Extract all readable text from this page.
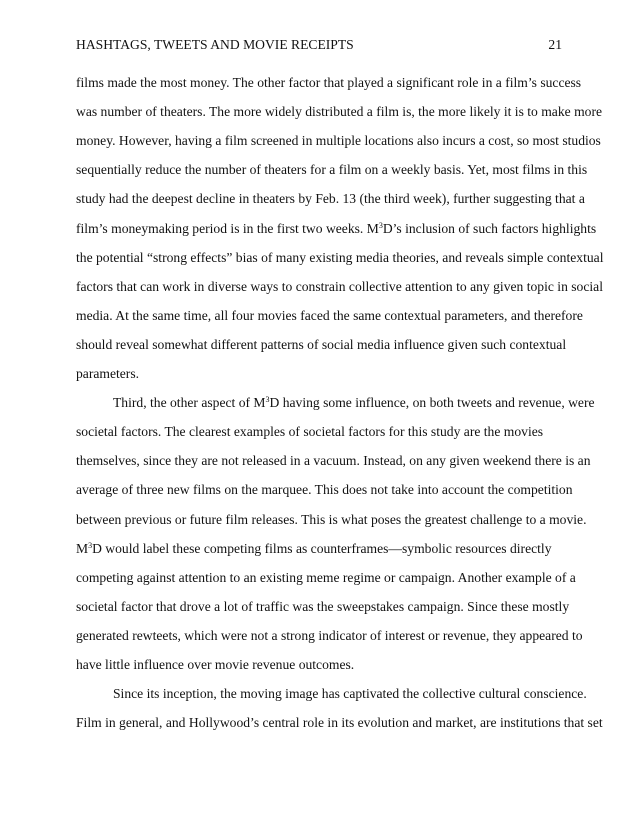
HASHTAGS, TWEETS AND MOVIE RECEIPTS	21
films made the most money. The other factor that played a significant role in a film’s success
was number of theaters. The more widely distributed a film is, the more likely it is to make more
money. However, having a film screened in multiple locations also incurs a cost, so most studios
sequentially reduce the number of theaters for a film on a weekly basis. Yet, most films in this
study had the deepest decline in theaters by Feb. 13 (the third week), further suggesting that a
film’s moneymaking period is in the first two weeks. $M^3D’s$ inclusion of such factors highlights
the potential “strong effects” bias of many existing media theories, and reveals simple contextual
factors that can work in diverse ways to constrain collective attention to any given topic in social
media. At the same time, all four movies faced the same contextual parameters, and therefore
should reveal somewhat different patterns of social media influence given such contextual
parameters.
Third, the other aspect of $M^3D$ having some influence, on both tweets and revenue, were
societal factors. The clearest examples of societal factors for this study are the movies
themselves, since they are not released in a vacuum. Instead, on any given weekend there is an
average of three new films on the marquee. This does not take into account the competition
between previous or future film releases. This is what poses the greatest challenge to a movie.
$M^3D$ would label these competing films as counterframes—symbolic resources directly
competing against attention to an existing meme regime or campaign. Another example of a
societal factor that drove a lot of traffic was the sweepstakes campaign. Since these mostly
generated rewteets, which were not a strong indicator of interest or revenue, they appeared to
have little influence over movie revenue outcomes.
Since its inception, the moving image has captivated the collective cultural conscience.
Film in general, and Hollywood’s central role in its evolution and market, are institutions that set
